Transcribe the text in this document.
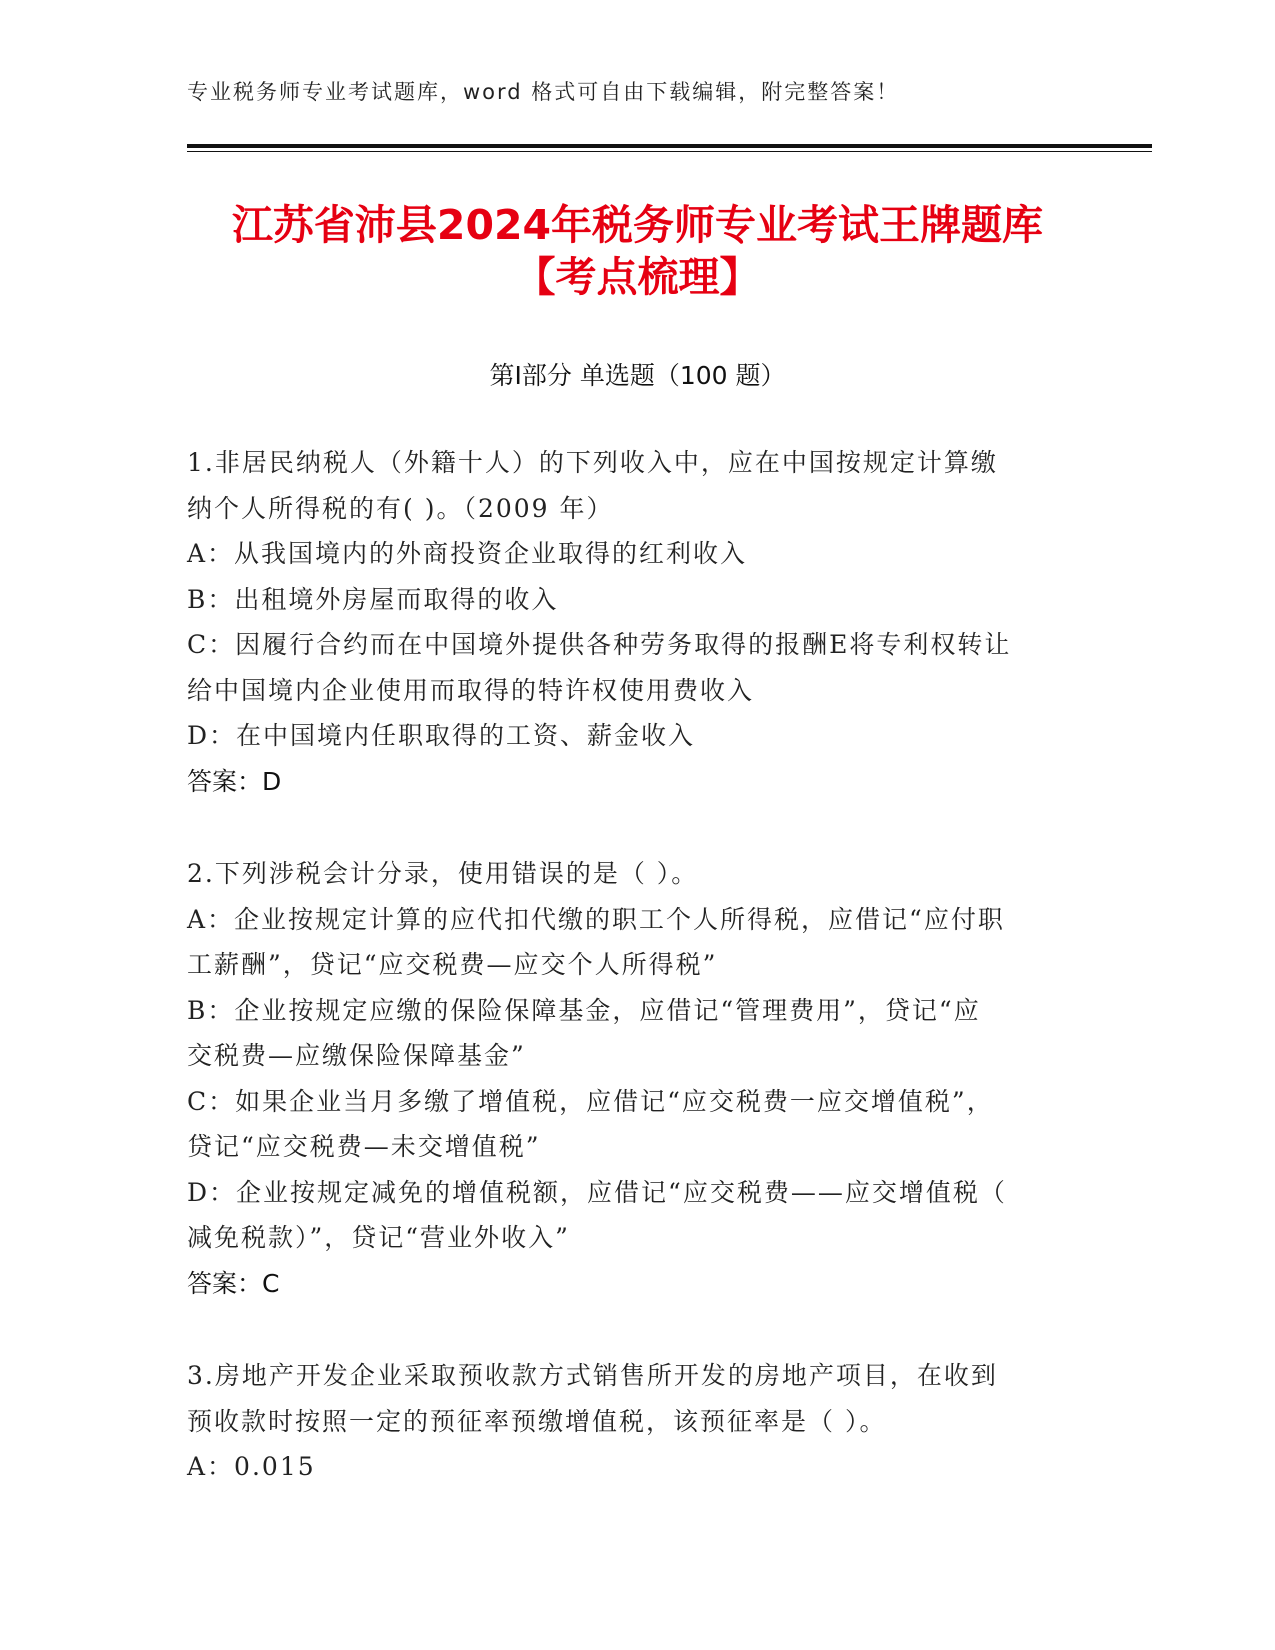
专业税务师专业考试题库，word 格式可自由下载编辑，附完整答案！
江苏省沛县2024年税务师专业考试王牌题库
【考点梳理】
第Ⅰ部分 单选题（100 题）
1.非居民纳税人（外籍十人）的下列收入中，应在中国按规定计算缴
纳个人所得税的有( )。（2009 年）
A：从我国境内的外商投资企业取得的红利收入
B：出租境外房屋而取得的收入
C：因履行合约而在中国境外提供各种劳务取得的报酬E将专利权转让
给中国境内企业使用而取得的特许权使用费收入
D：在中国境内任职取得的工资、薪金收入
答案：D
2.下列涉税会计分录，使用错误的是（ ）。
A：企业按规定计算的应代扣代缴的职工个人所得税，应借记“应付职
工薪酬”，贷记“应交税费—应交个人所得税”
B：企业按规定应缴的保险保障基金，应借记“管理费用”，贷记“应
交税费—应缴保险保障基金”
C：如果企业当月多缴了增值税，应借记“应交税费一应交增值税”，
贷记“应交税费—未交增值税”
D：企业按规定减免的增值税额，应借记“应交税费——应交增值税（
减免税款）”，贷记“营业外收入”
答案：C
3.房地产开发企业采取预收款方式销售所开发的房地产项目，在收到
预收款时按照一定的预征率预缴增值税，该预征率是（ ）。
A：0.015
